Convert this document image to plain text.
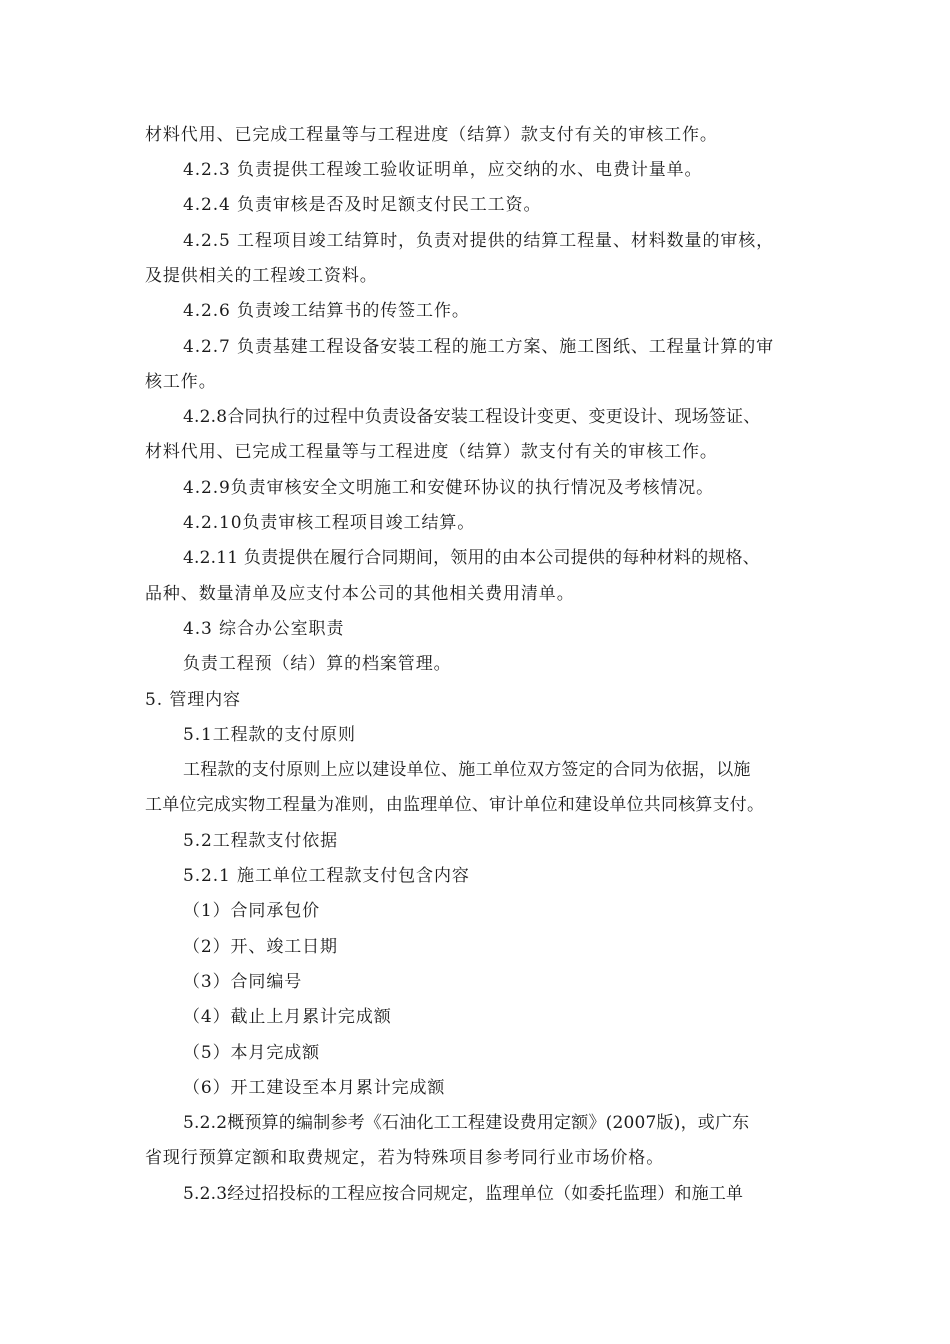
材料代用、已完成工程量等与工程进度（结算）款支付有关的审核工作。
4.2.3 负责提供工程竣工验收证明单，应交纳的水、电费计量单。
4.2.4 负责审核是否及时足额支付民工工资。
4.2.5 工程项目竣工结算时，负责对提供的结算工程量、材料数量的审核，
及提供相关的工程竣工资料。
4.2.6 负责竣工结算书的传签工作。
4.2.7 负责基建工程设备安装工程的施工方案、施工图纸、工程量计算的审
核工作。
4.2.8合同执行的过程中负责设备安装工程设计变更、变更设计、现场签证、
材料代用、已完成工程量等与工程进度（结算）款支付有关的审核工作。
4.2.9负责审核安全文明施工和安健环协议的执行情况及考核情况。
4.2.10负责审核工程项目竣工结算。
4.2.11 负责提供在履行合同期间，领用的由本公司提供的每种材料的规格、
品种、数量清单及应支付本公司的其他相关费用清单。
4.3 综合办公室职责
负责工程预（结）算的档案管理。
5. 管理内容
5.1工程款的支付原则
工程款的支付原则上应以建设单位、施工单位双方签定的合同为依据，以施
工单位完成实物工程量为准则，由监理单位、审计单位和建设单位共同核算支付。
5.2工程款支付依据
5.2.1 施工单位工程款支付包含内容
（1）合同承包价
（2）开、竣工日期
（3）合同编号
（4）截止上月累计完成额
（5）本月完成额
（6）开工建设至本月累计完成额
5.2.2概预算的编制参考《石油化工工程建设费用定额》(2007版)，或广东
省现行预算定额和取费规定，若为特殊项目参考同行业市场价格。
5.2.3经过招投标的工程应按合同规定，监理单位（如委托监理）和施工单
